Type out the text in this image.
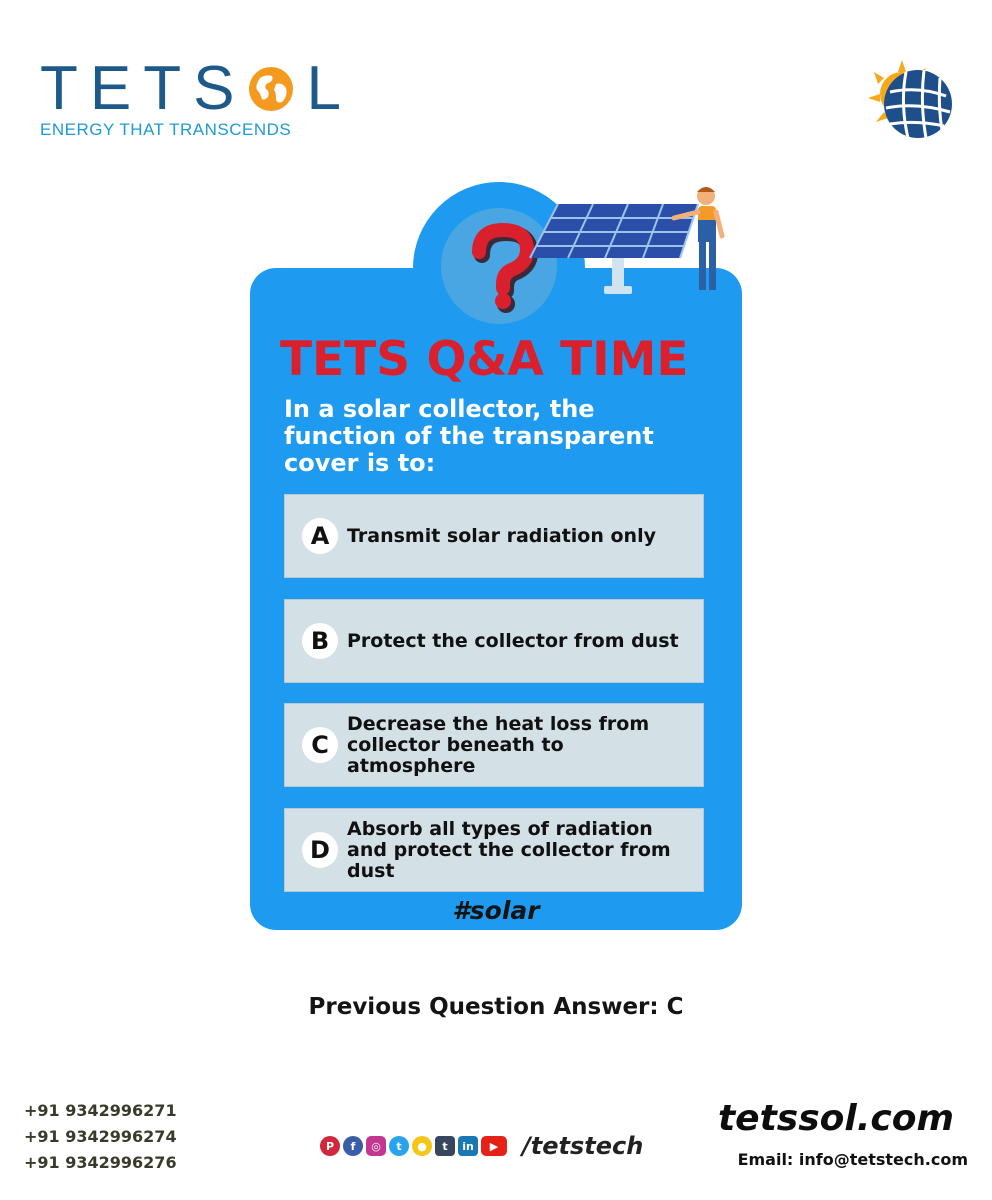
TETS L
ENERGY THAT TRANSCENDS
TETS Q&A TIME
In a solar collector, the function of the transparent cover is to:
A Transmit solar radiation only
B Protect the collector from dust
C
Decrease the heat loss from collector beneath to atmosphere
D
Absorb all types of radiation and protect the collector from dust
#solar
Previous Question Answer: C
+91 9342996271
+91 9342996274
+91 9342996276
P	f	◎	t	●	t	in	▶ /tetstech
tetssol.com
Email: info@tetstech.com
